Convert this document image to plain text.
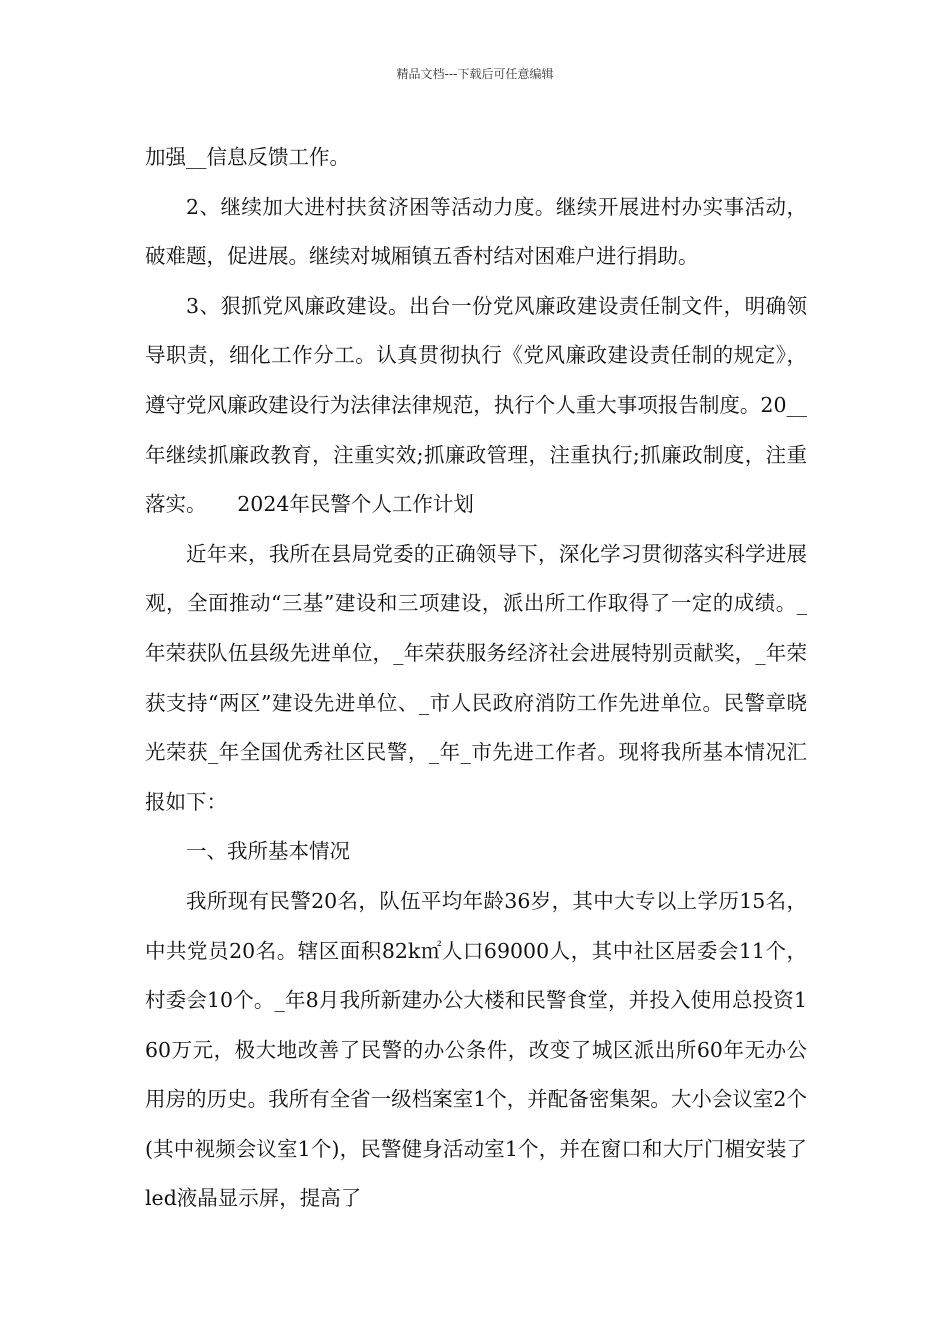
精品文档---下载后可任意编辑

加强__信息反馈工作。

2、继续加大进村扶贫济困等活动力度。继续开展进村办实事活动，破难题，促进展。继续对城厢镇五香村结对困难户进行捐助。

3、狠抓党风廉政建设。出台一份党风廉政建设责任制文件，明确领导职责，细化工作分工。认真贯彻执行《党风廉政建设责任制的规定》，遵守党风廉政建设行为法律法律规范，执行个人重大事项报告制度。20__年继续抓廉政教育，注重实效;抓廉政管理，注重执行;抓廉政制度，注重落实。　　2024年民警个人工作计划

近年来，我所在县局党委的正确领导下，深化学习贯彻落实科学进展观，全面推动“三基”建设和三项建设，派出所工作取得了一定的成绩。_年荣获队伍县级先进单位，_年荣获服务经济社会进展特别贡献奖，_年荣获支持“两区”建设先进单位、_市人民政府消防工作先进单位。民警章晓光荣获_年全国优秀社区民警，_年_市先进工作者。现将我所基本情况汇报如下：

一、我所基本情况

我所现有民警20名，队伍平均年龄36岁，其中大专以上学历15名，中共党员20名。辖区面积82k㎡人口69000人，其中社区居委会11个，村委会10个。_年8月我所新建办公大楼和民警食堂，并投入使用总投资160万元，极大地改善了民警的办公条件，改变了城区派出所60年无办公用房的历史。我所有全省一级档案室1个，并配备密集架。大小会议室2个(其中视频会议室1个)，民警健身活动室1个，并在窗口和大厅门楣安装了led液晶显示屏，提高了
